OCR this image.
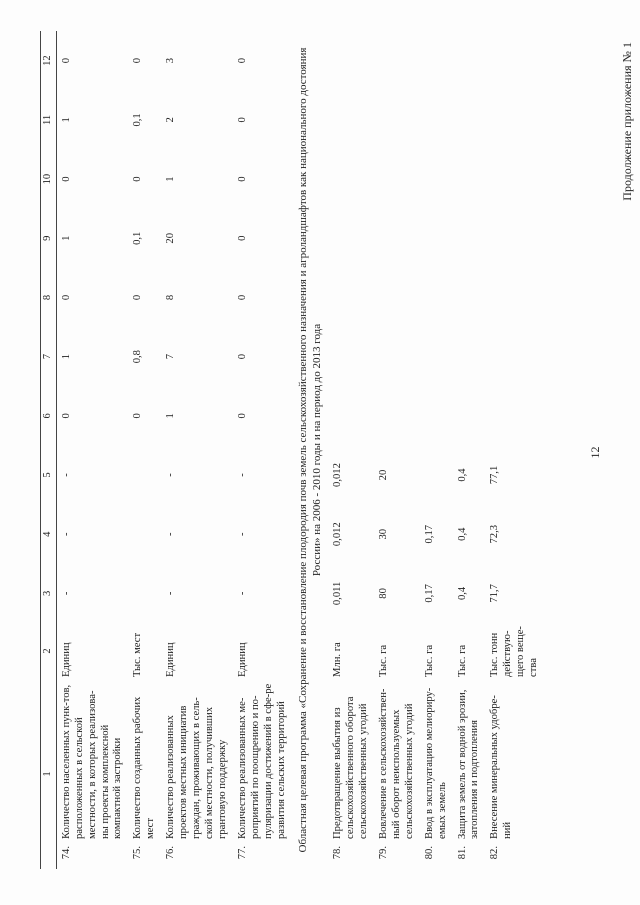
12
Продолжение приложения № 1
1		2	3	4	5	6	7	8	9	10	11	12
74.	Количество населенных пунк-тов, расположенных в сельской местности, в которых реализова-ны проекты комплексной компактной застройки	Единиц	-	-	-	0	1	0	1	0	1	0
75.	Количество созданных рабочих мест	Тыс. мест				0	0,8	0	0,1	0	0,1	0
76.	Количество реализованных проектов местных инициатив граждан, проживающих в сель-ской местности, получивших грантовую поддержку	Единиц	-	-	-	1	7	8	20	1	2	3
77.	Количество реализованных ме-роприятий по поощрению и по-пуляризации достижений в сфе-ре развития сельских территорий	Единиц	-	-	-	0	0	0	0	0	0	0
Областная целевая программа «Сохранение и восстановление плодородия почв земель сельскохозяйственного назначения и агроландшафтов как национального достояния России» на 2006 - 2010 годы и на период до 2013 года												
78.	Предотвращение выбытия из сельскохозяйственного оборота сельскохозяйственных угодий	Млн. га	0,011	0,012	0,012							
79.	Вовлечение в сельскохозяйствен-ный оборот неиспользуемых сельскохозяйственных угодий	Тыс. га	80	30	20							
80.	Ввод в эксплуатацию мелиориру-емых земель	Тыс. га	0,17	0,17								
81.	Защита земель от водной эрозии, затопления и подтопления	Тыс. га	0,4	0,4	0,4							
82.	Внесение минеральных удобре-ний	Тыс. тонн действую-щего веще-ства	71,7	72,3	77,1							
